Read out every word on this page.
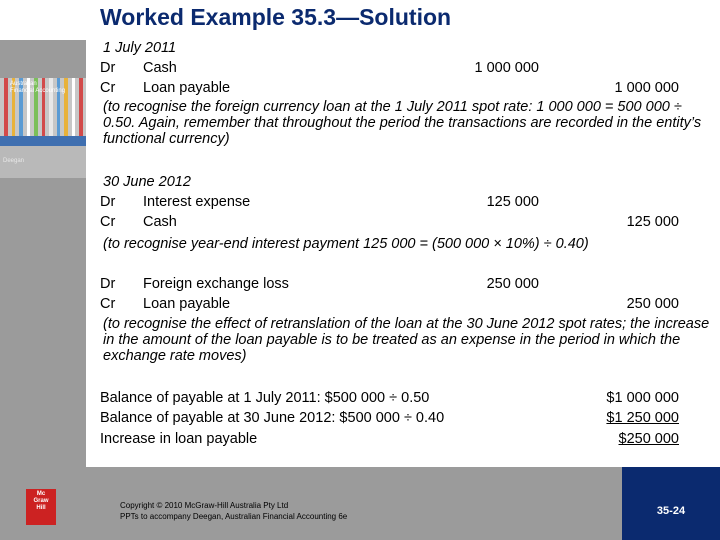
Australian
Financial Accounting
Deegan
Mc
Graw
Hill
Worked Example 35.3—Solution
1 July 2011
Dr Cash	1 000 000
Cr Loan payable	1 000 000
(to recognise the foreign currency loan at the 1 July 2011 spot rate: 1 000 000 = 500 000 ÷ 0.50. Again, remember that throughout the period the transactions are recorded in the entity’s functional currency)
30 June 2012
Dr Interest expense	125 000
Cr Cash	125 000
(to recognise year-end interest payment 125 000 = (500 000 × 10%) ÷ 0.40)
Dr Foreign exchange loss	250 000
Cr Loan payable	250 000
(to recognise the effect of retranslation of the loan at the 30 June 2012 spot rates; the increase in the amount of the loan payable is to be treated as an expense in the period in which the exchange rate moves)
Balance of payable at 1 July 2011: $500 000 ÷ 0.50	$1 000 000
Balance of payable at 30 June 2012: $500 000 ÷ 0.40	$1 250 000
Increase in loan payable	$250 000
Copyright © 2010 McGraw-Hill Australia Pty Ltd
PPTs to accompany Deegan, Australian Financial Accounting 6e	35-24
